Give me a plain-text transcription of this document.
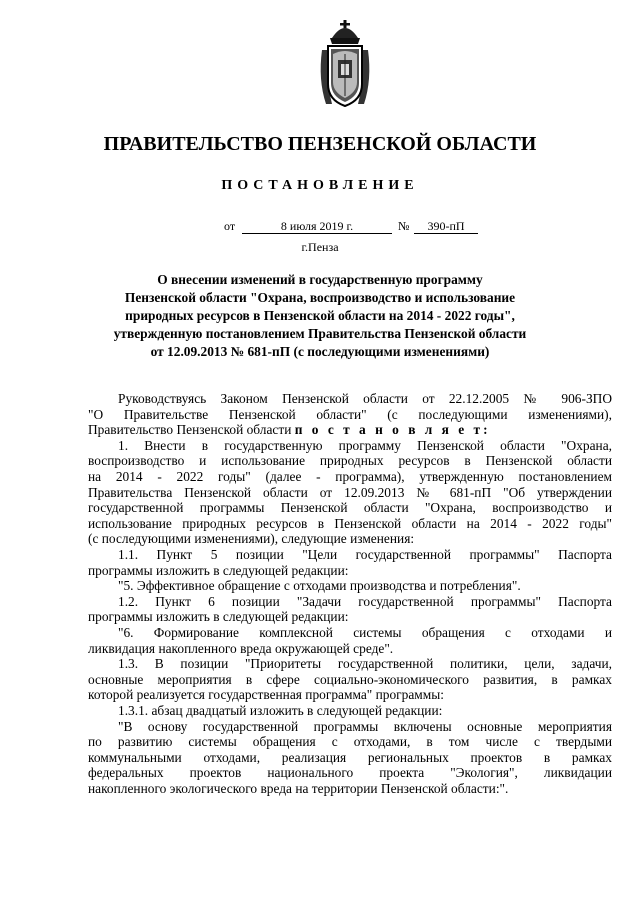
ПРАВИТЕЛЬСТВО ПЕНЗЕНСКОЙ ОБЛАСТИ
ПОСТАНОВЛЕНИЕ
от	8 июля 2019 г.	№	390-пП
г.Пенза
О внесении изменений в государственную программу
Пензенской области "Охрана, воспроизводство и использование
природных ресурсов в Пензенской области на 2014 - 2022 годы",
утвержденную постановлением Правительства Пензенской области
от 12.09.2013 № 681-пП (с последующими изменениями)
Руководствуясь Законом Пензенской области от 22.12.2005 № 906-ЗПО
"О Правительстве Пензенской области" (с последующими изменениями),
Правительство Пензенской области п о с т а н о в л я е т:
1. Внести в государственную программу Пензенской области "Охрана,
воспроизводство и использование природных ресурсов в Пензенской области
на 2014 - 2022 годы" (далее - программа), утвержденную постановлением
Правительства Пензенской области от 12.09.2013 № 681-пП "Об утверждении
государственной программы Пензенской области "Охрана, воспроизводство и
использование природных ресурсов в Пензенской области на 2014 - 2022 годы"
(с последующими изменениями), следующие изменения:
1.1. Пункт 5 позиции "Цели государственной программы" Паспорта
программы изложить в следующей редакции:
"5. Эффективное обращение с отходами производства и потребления".
1.2. Пункт 6 позиции "Задачи государственной программы" Паспорта
программы изложить в следующей редакции:
"6. Формирование комплексной системы обращения с отходами и
ликвидация накопленного вреда окружающей среде".
1.3. В позиции "Приоритеты государственной политики, цели, задачи,
основные мероприятия в сфере социально-экономического развития, в рамках
которой реализуется государственная программа" программы:
1.3.1. абзац двадцатый изложить в следующей редакции:
"В основу государственной программы включены основные мероприятия
по развитию системы обращения с отходами, в том числе с твердыми
коммунальными отходами, реализация региональных проектов в рамках
федеральных проектов национального проекта "Экология", ликвидации
накопленного экологического вреда на территории Пензенской области:".
